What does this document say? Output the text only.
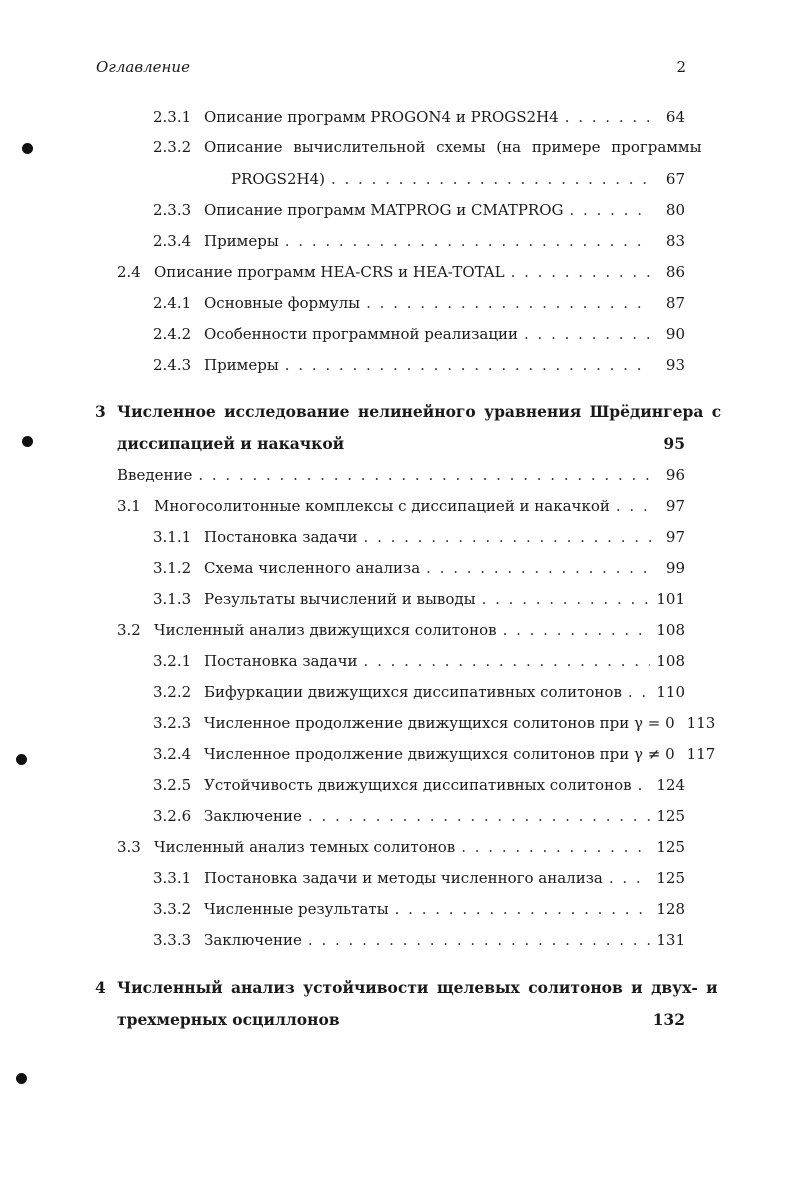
Оглавление	2
2.3.1 Описание программ PROGON4 и PROGS2H4 . . .	64
2.3.2 Описание вычислительной схемы (на примере программы
PROGS2H4) . . .	67
2.3.3 Описание программ MATPROG и CMATPROG . . .	80
2.3.4 Примеры . . .	83
2.4 Описание программ HEA-CRS и HEA-TOTAL . . .	86
2.4.1 Основные формулы . . .	87
2.4.2 Особенности программной реализации . . .	90
2.4.3 Примеры . . .	93
3 Численное исследование нелинейного уравнения Шрёдингера с
диссипацией и накачкой	95
Введение . . .	96
3.1 Многосолитонные комплексы с диссипацией и накачкой . . .	97
3.1.1 Постановка задачи . . .	97
3.1.2 Схема численного анализа . . .	99
3.1.3 Результаты вычислений и выводы . . .	101
3.2 Численный анализ движущихся солитонов . . .	108
3.2.1 Постановка задачи . . .	108
3.2.2 Бифуркации движущихся диссипативных солитонов . . . 110
3.2.3 Численное продолжение движущихся солитонов при γ = 0 113
3.2.4 Численное продолжение движущихся солитонов при γ ≠ 0 117
3.2.5 Устойчивость движущихся диссипативных солитонов . . . 124
3.2.6 Заключение . . .	125
3.3 Численный анализ темных солитонов . . .	125
3.3.1 Постановка задачи и методы численного анализа . . .	125
3.3.2 Численные результаты . . .	128
3.3.3 Заключение . . .	131
4 Численный анализ устойчивости щелевых солитонов и двух- и
трехмерных осциллонов	132
